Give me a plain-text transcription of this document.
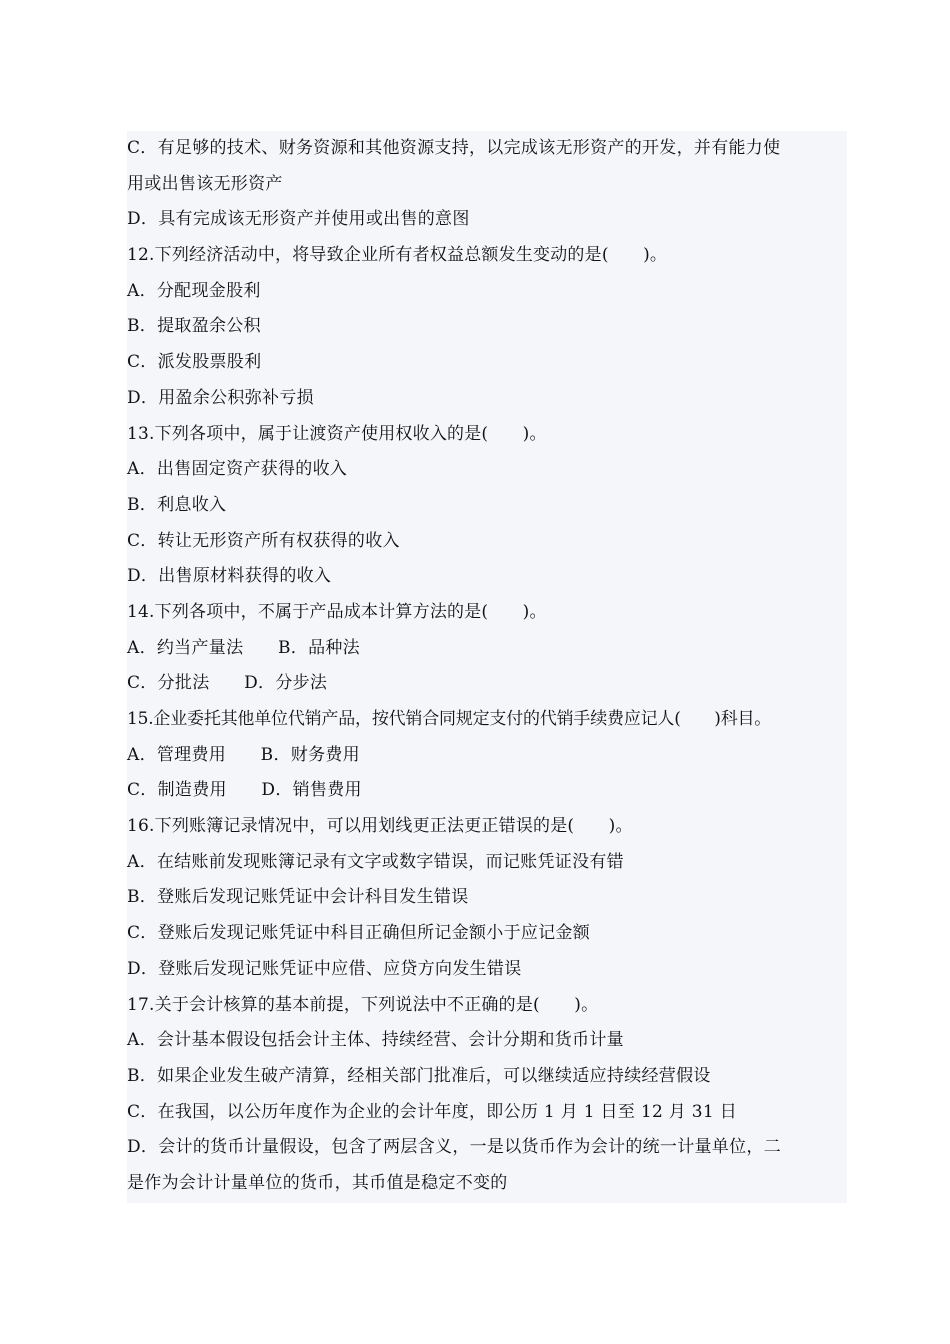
C．有足够的技术、财务资源和其他资源支持，以完成该无形资产的开发，并有能力使
用或出售该无形资产
D．具有完成该无形资产并使用或出售的意图
12.下列经济活动中，将导致企业所有者权益总额发生变动的是(　　)。
A．分配现金股利
B．提取盈余公积
C．派发股票股利
D．用盈余公积弥补亏损
13.下列各项中，属于让渡资产使用权收入的是(　　)。
A．出售固定资产获得的收入
B．利息收入
C．转让无形资产所有权获得的收入
D．出售原材料获得的收入
14.下列各项中，不属于产品成本计算方法的是(　　)。
A．约当产量法　　B．品种法
C．分批法　　D．分步法
15.企业委托其他单位代销产品，按代销合同规定支付的代销手续费应记人(　　)科目。
A．管理费用　　B．财务费用
C．制造费用　　D．销售费用
16.下列账簿记录情况中，可以用划线更正法更正错误的是(　　)。
A．在结账前发现账簿记录有文字或数字错误，而记账凭证没有错
B．登账后发现记账凭证中会计科目发生错误
C．登账后发现记账凭证中科目正确但所记金额小于应记金额
D．登账后发现记账凭证中应借、应贷方向发生错误
17.关于会计核算的基本前提，下列说法中不正确的是(　　)。
A．会计基本假设包括会计主体、持续经营、会计分期和货币计量
B．如果企业发生破产清算，经相关部门批准后，可以继续适应持续经营假设
C．在我国，以公历年度作为企业的会计年度，即公历 1 月 1 日至 12 月 31 日
D．会计的货币计量假设，包含了两层含义，一是以货币作为会计的统一计量单位，二
是作为会计计量单位的货币，其币值是稳定不变的
